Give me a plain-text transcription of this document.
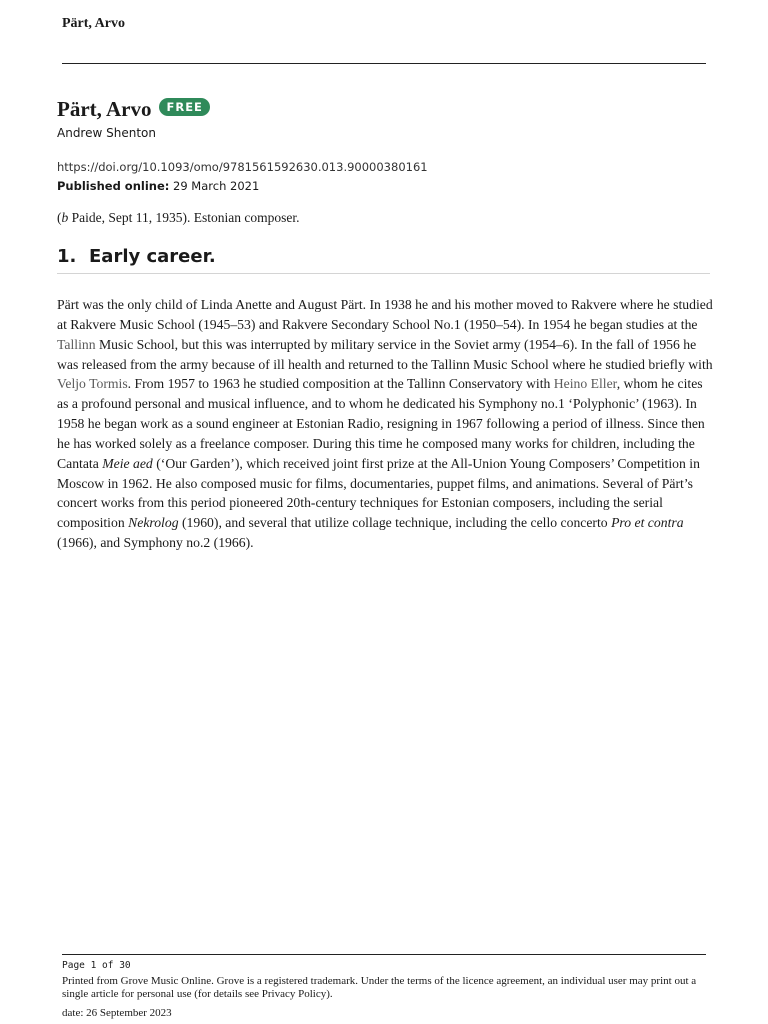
Pärt, Arvo
Pärt, Arvo	FREE
Andrew Shenton
https://doi.org/10.1093/omo/9781561592630.013.90000380161
Published online: 29 March 2021
(b Paide, Sept 11, 1935). Estonian composer.
1. Early career.
Pärt was the only child of Linda Anette and August Pärt. In 1938 he and his mother moved to Rakvere where he studied at Rakvere Music School (1945–53) and Rakvere Secondary School No.1 (1950–54). In 1954 he began studies at the Tallinn Music School, but this was interrupted by military service in the Soviet army (1954–6). In the fall of 1956 he was released from the army because of ill health and returned to the Tallinn Music School where he studied briefly with Veljo Tormis. From 1957 to 1963 he studied composition at the Tallinn Conservatory with Heino Eller, whom he cites as a profound personal and musical influence, and to whom he dedicated his Symphony no.1 ‘Polyphonic’ (1963). In 1958 he began work as a sound engineer at Estonian Radio, resigning in 1967 following a period of illness. Since then he has worked solely as a freelance composer. During this time he composed many works for children, including the Cantata Meie aed (‘Our Garden’), which received joint first prize at the All-Union Young Composers’ Competition in Moscow in 1962. He also composed music for films, documentaries, puppet films, and animations. Several of Pärt’s concert works from this period pioneered 20th-century techniques for Estonian composers, including the serial composition Nekrolog (1960), and several that utilize collage technique, including the cello concerto Pro et contra (1966), and Symphony no.2 (1966).
Page 1 of 30
Printed from Grove Music Online. Grove is a registered trademark. Under the terms of the licence agreement, an individual user may print out a single article for personal use (for details see Privacy Policy).
date: 26 September 2023
